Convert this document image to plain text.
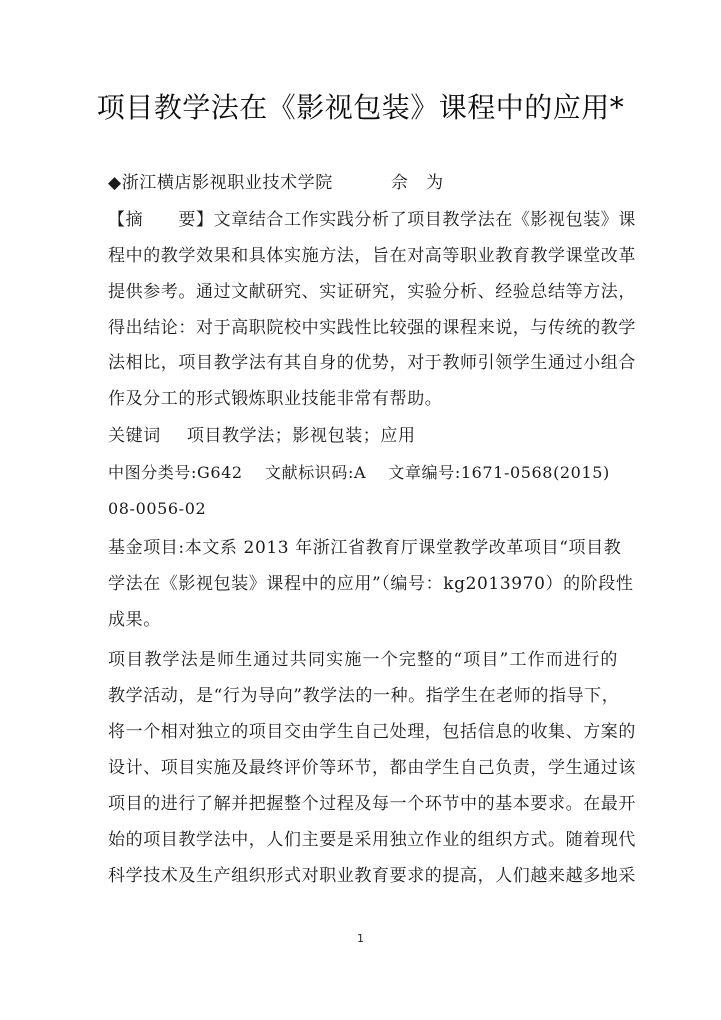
项目教学法在《影视包装》课程中的应用*
◆浙江横店影视职业技术学院	佘　为
【摘　　要】文章结合工作实践分析了项目教学法在《影视包装》课
程中的教学效果和具体实施方法，旨在对高等职业教育教学课堂改革
提供参考。通过文献研究、实证研究，实验分析、经验总结等方法，
得出结论：对于高职院校中实践性比较强的课程来说，与传统的教学
法相比，项目教学法有其自身的优势，对于教师引领学生通过小组合
作及分工的形式锻炼职业技能非常有帮助。
关键词 项目教学法；影视包装；应用
中图分类号:G642　 文献标识码:A　 文章编号:1671-0568(2015)
08-0056-02
基金项目:本文系 2013 年浙江省教育厅课堂教学改革项目“项目教
学法在《影视包装》课程中的应用”（编号：kg2013970）的阶段性
成果。
项目教学法是师生通过共同实施一个完整的“项目”工作而进行的
教学活动，是“行为导向”教学法的一种。指学生在老师的指导下，
将一个相对独立的项目交由学生自己处理，包括信息的收集、方案的
设计、项目实施及最终评价等环节，都由学生自己负责，学生通过该
项目的进行了解并把握整个过程及每一个环节中的基本要求。在最开
始的项目教学法中，人们主要是采用独立作业的组织方式。随着现代
科学技术及生产组织形式对职业教育要求的提高，人们越来越多地采
1
